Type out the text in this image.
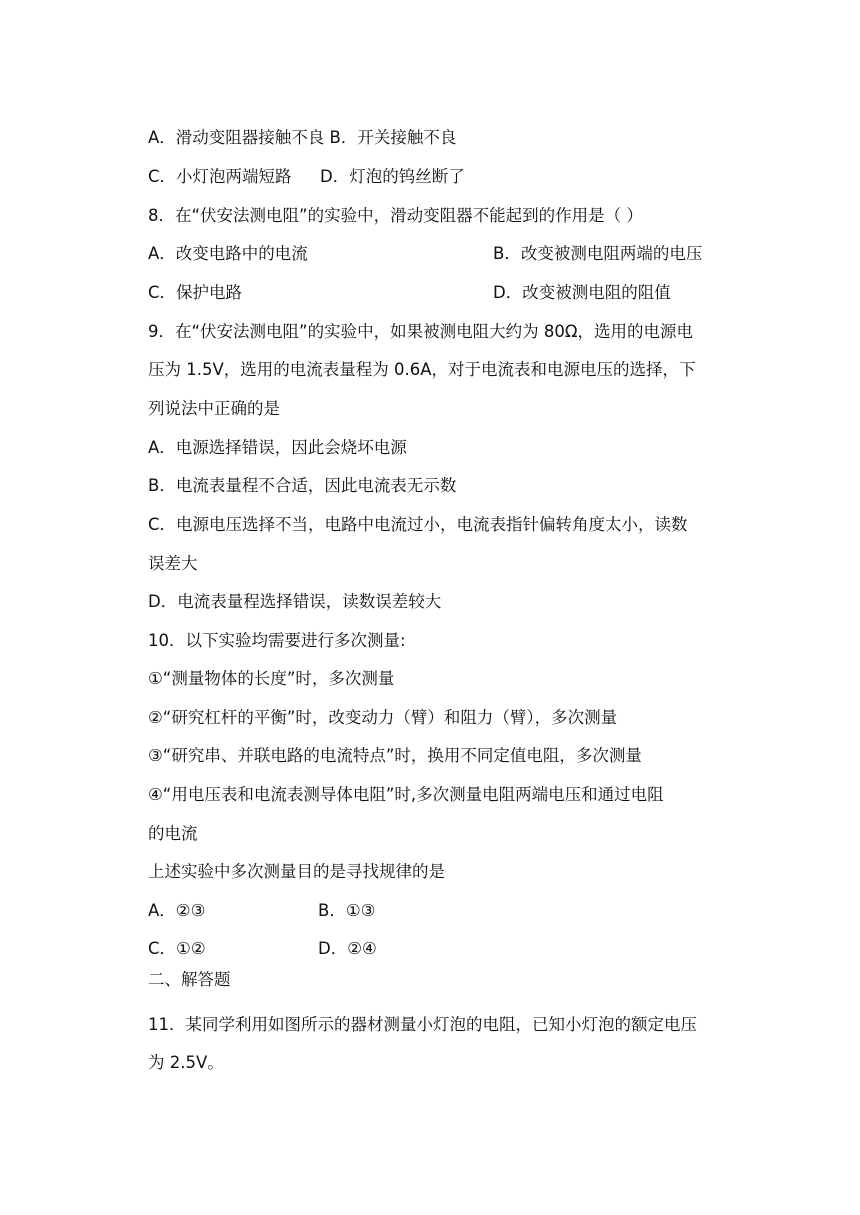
A．滑动变阻器接触不良 B．开关接触不良
C．小灯泡两端短路 D．灯泡的钨丝断了
8．在“伏安法测电阻”的实验中，滑动变阻器不能起到的作用是（ ）
A．改变电路中的电流	B．改变被测电阻两端的电压
C．保护电路	D．改变被测电阻的阻值
9．在“伏安法测电阻”的实验中，如果被测电阻大约为 80Ω，选用的电源电
压为 1.5V，选用的电流表量程为 0.6A，对于电流表和电源电压的选择，下
列说法中正确的是
A．电源选择错误，因此会烧坏电源
B．电流表量程不合适，因此电流表无示数
C．电源电压选择不当，电路中电流过小，电流表指针偏转角度太小，读数
误差大
D．电流表量程选择错误，读数误差较大
10．以下实验均需要进行多次测量:
①“测量物体的长度”时，多次测量
②“研究杠杆的平衡”时，改变动力（臂）和阻力（臂），多次测量
③“研究串、并联电路的电流特点”时，换用不同定值电阻，多次测量
④“用电压表和电流表测导体电阻”时,多次测量电阻两端电压和通过电阻
的电流
上述实验中多次测量目的是寻找规律的是
A．②③	B．①③
C．①②	D．②④
二、解答题
11．某同学利用如图所示的器材测量小灯泡的电阻，已知小灯泡的额定电压
为 2.5V。
